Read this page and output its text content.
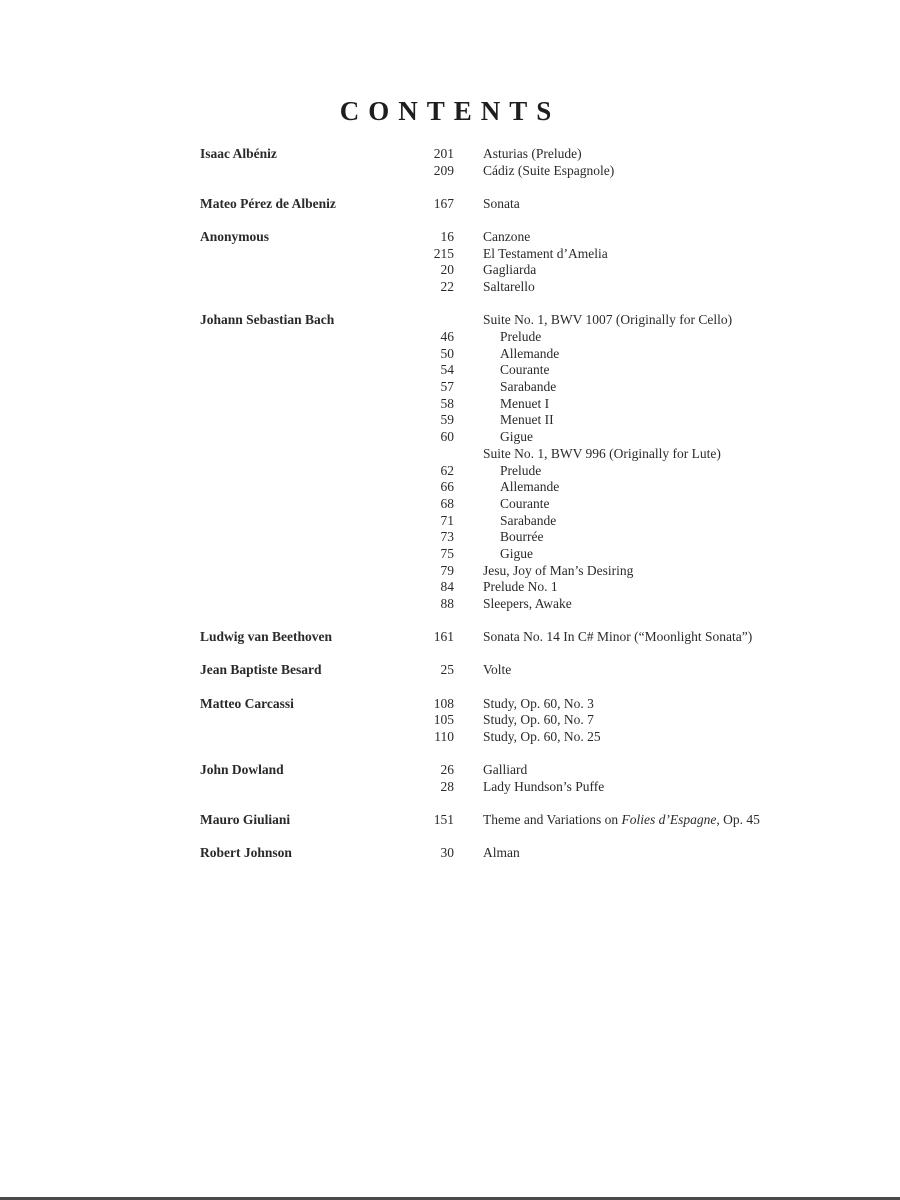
CONTENTS
Isaac Albéniz	201 Asturias (Prelude)
209 Cádiz (Suite Espagnole)
Mateo Pérez de Albeniz	167 Sonata
Anonymous	16 Canzone
215 El Testament d’Amelia
20 Gagliarda
22 Saltarello
Johann Sebastian Bach	Suite No. 1, BWV 1007 (Originally for Cello)
46	Prelude
50	Allemande
54	Courante
57	Sarabande
58	Menuet I
59	Menuet II
60	Gigue
Suite No. 1, BWV 996 (Originally for Lute)
62	Prelude
66	Allemande
68	Courante
71	Sarabande
73	Bourrée
75	Gigue
79 Jesu, Joy of Man’s Desiring
84 Prelude No. 1
88 Sleepers, Awake
Ludwig van Beethoven	161 Sonata No. 14 In C# Minor (“Moonlight Sonata”)
Jean Baptiste Besard	25 Volte
Matteo Carcassi	108 Study, Op. 60, No. 3
105 Study, Op. 60, No. 7
110 Study, Op. 60, No. 25
John Dowland	26 Galliard
28 Lady Hundson’s Puffe
Mauro Giuliani	151 Theme and Variations on Folies d’Espagne, Op. 45
Robert Johnson	30 Alman
